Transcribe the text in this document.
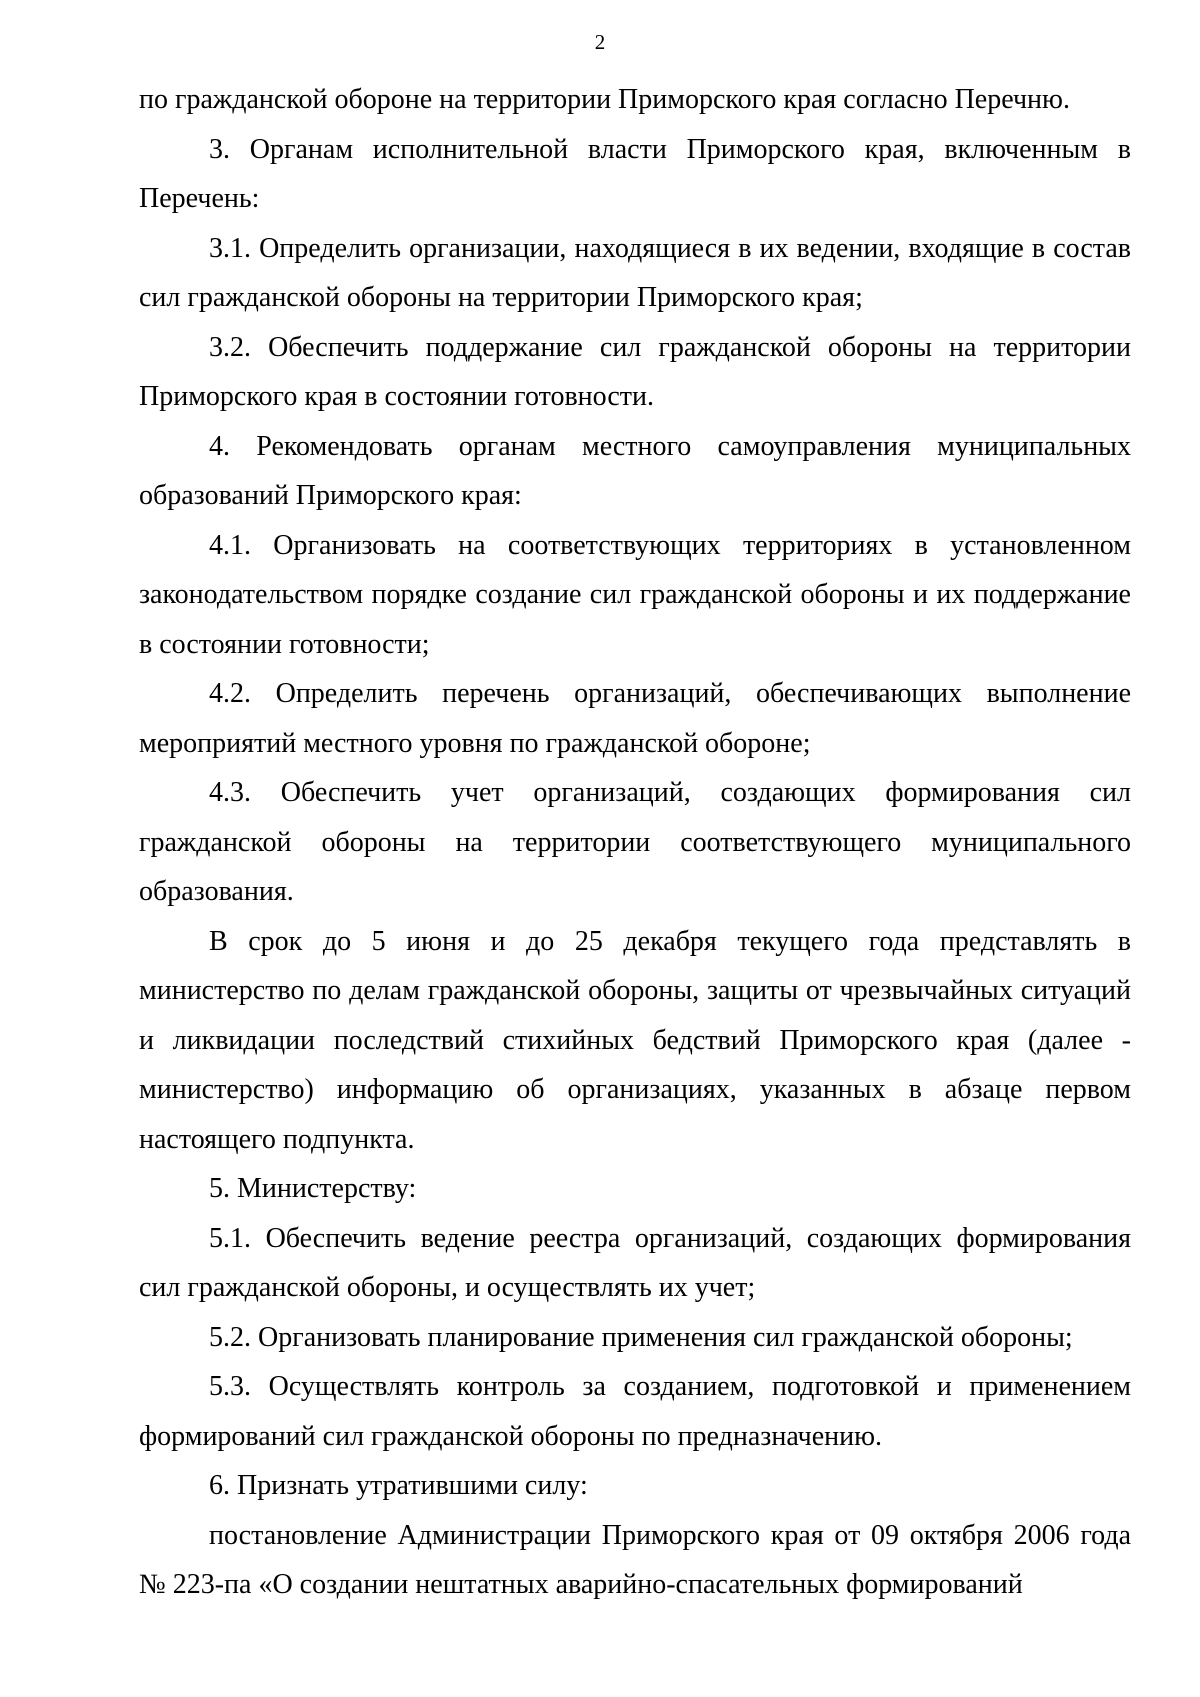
2

по гражданской обороне на территории Приморского края согласно Перечню.

3. Органам исполнительной власти Приморского края, включенным в Перечень:

3.1. Определить организации, находящиеся в их ведении, входящие в состав сил гражданской обороны на территории Приморского края;

3.2. Обеспечить поддержание сил гражданской обороны на территории Приморского края в состоянии готовности.

4. Рекомендовать органам местного самоуправления муниципальных образований Приморского края:

4.1. Организовать на соответствующих территориях в установленном законодательством порядке создание сил гражданской обороны и их поддержание в состоянии готовности;

4.2. Определить перечень организаций, обеспечивающих выполнение мероприятий местного уровня по гражданской обороне;

4.3. Обеспечить учет организаций, создающих формирования сил гражданской обороны на территории соответствующего муниципального образования.

В срок до 5 июня и до 25 декабря текущего года представлять в министерство по делам гражданской обороны, защиты от чрезвычайных ситуаций и ликвидации последствий стихийных бедствий Приморского края (далее - министерство) информацию об организациях, указанных в абзаце первом настоящего подпункта.

5. Министерству:

5.1. Обеспечить ведение реестра организаций, создающих формирования сил гражданской обороны, и осуществлять их учет;

5.2. Организовать планирование применения сил гражданской обороны;

5.3. Осуществлять контроль за созданием, подготовкой и применением формирований сил гражданской обороны по предназначению.

6. Признать утратившими силу:

постановление Администрации Приморского края от 09 октября 2006 года № 223-па «О создании нештатных аварийно-спасательных формирований
